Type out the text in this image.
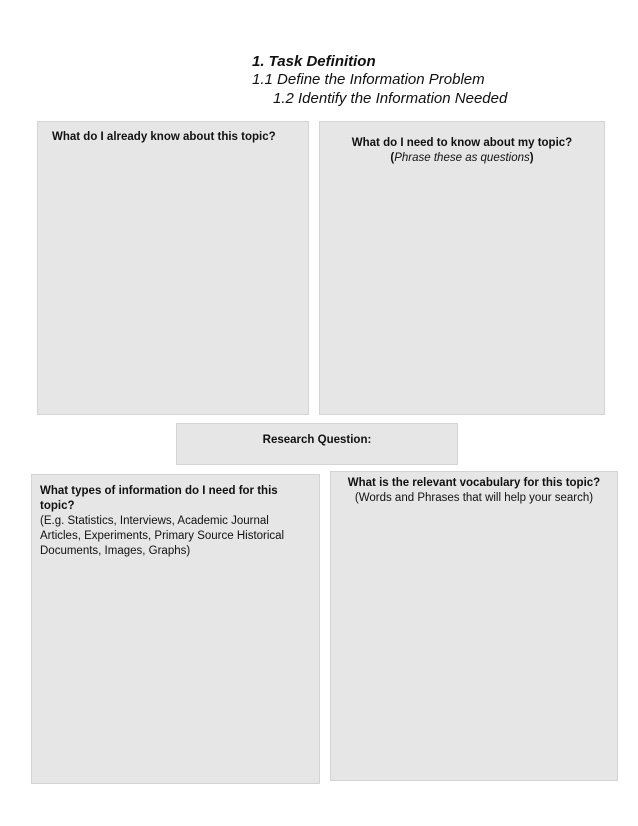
1. Task Definition
1.1 Define the Information Problem
1.2 Identify the Information Needed
What do I already know about this topic?	What do I need to know about my topic?
(Phrase these as questions)
Research Question:
What types of information do I need for this topic?
(E.g. Statistics, Interviews, Academic Journal Articles, Experiments, Primary Source Historical Documents, Images, Graphs)
What is the relevant vocabulary for this topic?
(Words and Phrases that will help your search)
